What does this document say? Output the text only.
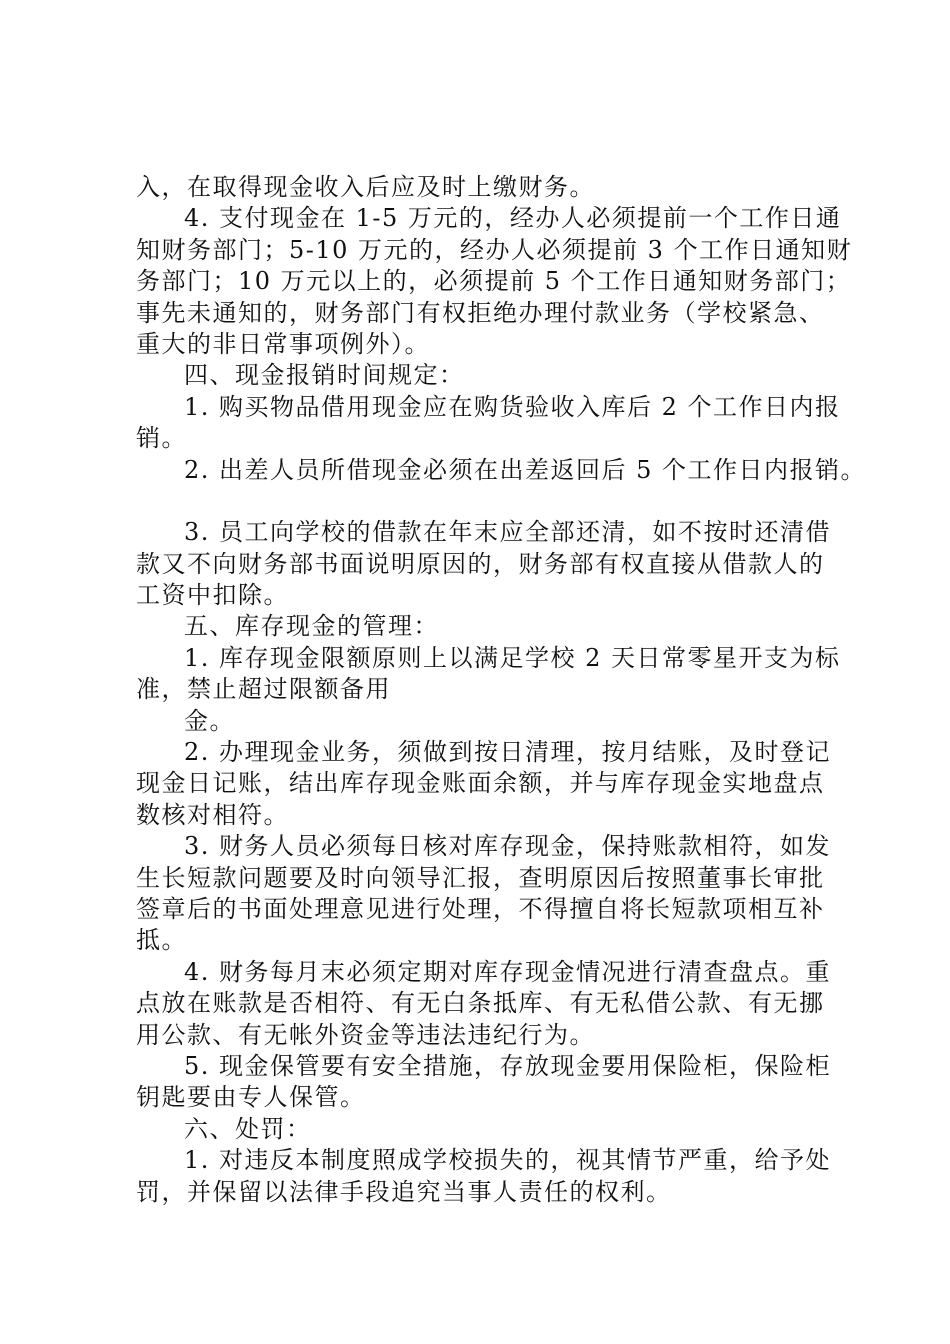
入，在取得现金收入后应及时上缴财务。
4. 支付现金在 1-5 万元的，经办人必须提前一个工作日通
知财务部门；5-10 万元的，经办人必须提前 3 个工作日通知财
务部门；10 万元以上的，必须提前 5 个工作日通知财务部门；
事先未通知的，财务部门有权拒绝办理付款业务（学校紧急、
重大的非日常事项例外）。
四、现金报销时间规定：
1. 购买物品借用现金应在购货验收入库后 2 个工作日内报
销。
2. 出差人员所借现金必须在出差返回后 5 个工作日内报销。
3. 员工向学校的借款在年末应全部还清，如不按时还清借
款又不向财务部书面说明原因的，财务部有权直接从借款人的
工资中扣除。
五、库存现金的管理：
1. 库存现金限额原则上以满足学校 2 天日常零星开支为标
准，禁止超过限额备用
金。
2. 办理现金业务，须做到按日清理，按月结账，及时登记
现金日记账，结出库存现金账面余额，并与库存现金实地盘点
数核对相符。
3. 财务人员必须每日核对库存现金，保持账款相符，如发
生长短款问题要及时向领导汇报，查明原因后按照董事长审批
签章后的书面处理意见进行处理，不得擅自将长短款项相互补
抵。
4. 财务每月末必须定期对库存现金情况进行清查盘点。重
点放在账款是否相符、有无白条抵库、有无私借公款、有无挪
用公款、有无帐外资金等违法违纪行为。
5. 现金保管要有安全措施，存放现金要用保险柜，保险柜
钥匙要由专人保管。
六、处罚：
1. 对违反本制度照成学校损失的，视其情节严重，给予处
罚，并保留以法律手段追究当事人责任的权利。
